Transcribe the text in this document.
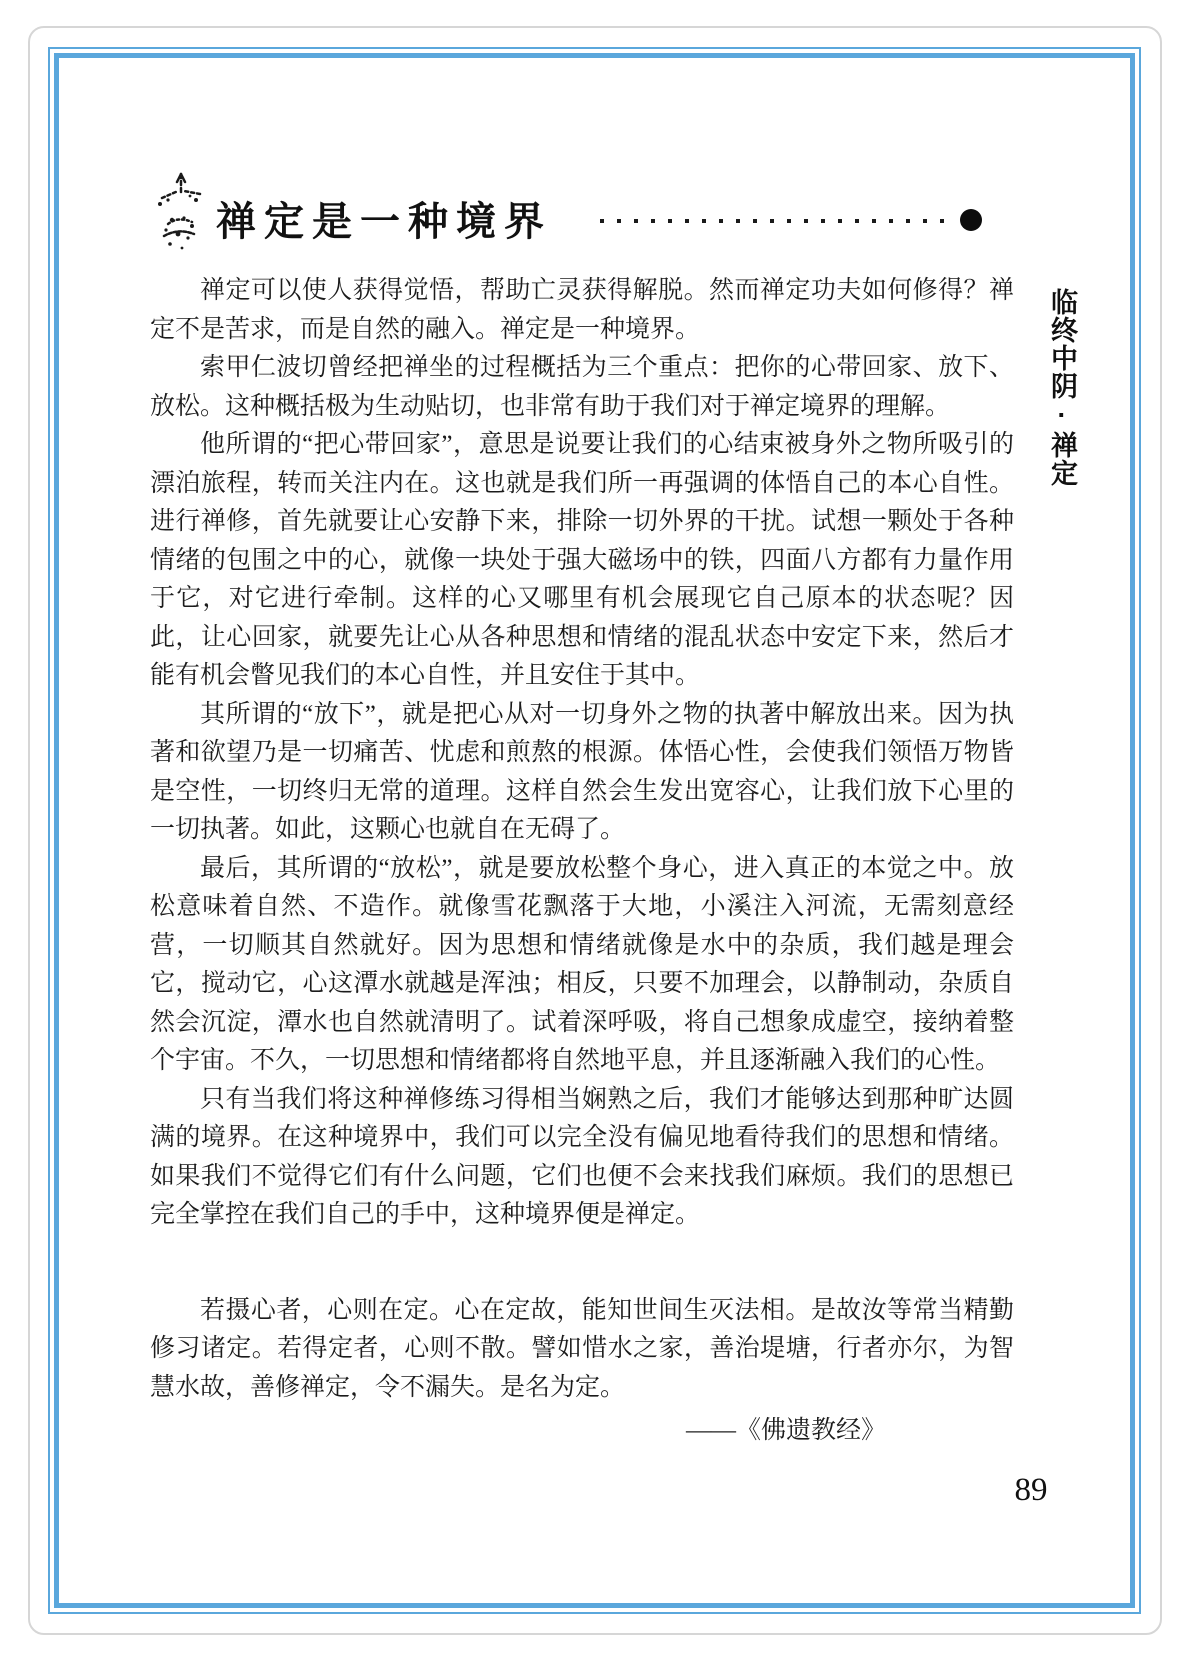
禅定是一种境界
临终中阴·禅定

禅定可以使人获得觉悟，帮助亡灵获得解脱。然而禅定功夫如何修得？禅定不是苦求，而是自然的融入。禅定是一种境界。

索甲仁波切曾经把禅坐的过程概括为三个重点：把你的心带回家、放下、放松。这种概括极为生动贴切，也非常有助于我们对于禅定境界的理解。

他所谓的“把心带回家”，意思是说要让我们的心结束被身外之物所吸引的漂泊旅程，转而关注内在。这也就是我们所一再强调的体悟自己的本心自性。进行禅修，首先就要让心安静下来，排除一切外界的干扰。试想一颗处于各种情绪的包围之中的心，就像一块处于强大磁场中的铁，四面八方都有力量作用于它，对它进行牵制。这样的心又哪里有机会展现它自己原本的状态呢？因此，让心回家，就要先让心从各种思想和情绪的混乱状态中安定下来，然后才能有机会瞥见我们的本心自性，并且安住于其中。

其所谓的“放下”，就是把心从对一切身外之物的执著中解放出来。因为执著和欲望乃是一切痛苦、忧虑和煎熬的根源。体悟心性，会使我们领悟万物皆是空性，一切终归无常的道理。这样自然会生发出宽容心，让我们放下心里的一切执著。如此，这颗心也就自在无碍了。

最后，其所谓的“放松”，就是要放松整个身心，进入真正的本觉之中。放松意味着自然、不造作。就像雪花飘落于大地，小溪注入河流，无需刻意经营，一切顺其自然就好。因为思想和情绪就像是水中的杂质，我们越是理会它，搅动它，心这潭水就越是浑浊；相反，只要不加理会，以静制动，杂质自然会沉淀，潭水也自然就清明了。试着深呼吸，将自己想象成虚空，接纳着整个宇宙。不久，一切思想和情绪都将自然地平息，并且逐渐融入我们的心性。

只有当我们将这种禅修练习得相当娴熟之后，我们才能够达到那种旷达圆满的境界。在这种境界中，我们可以完全没有偏见地看待我们的思想和情绪。如果我们不觉得它们有什么问题，它们也便不会来找我们麻烦。我们的思想已完全掌控在我们自己的手中，这种境界便是禅定。

若摄心者，心则在定。心在定故，能知世间生灭法相。是故汝等常当精勤修习诸定。若得定者，心则不散。譬如惜水之家，善治堤塘，行者亦尔，为智慧水故，善修禅定，令不漏失。是名为定。

——《佛遗教经》
89
